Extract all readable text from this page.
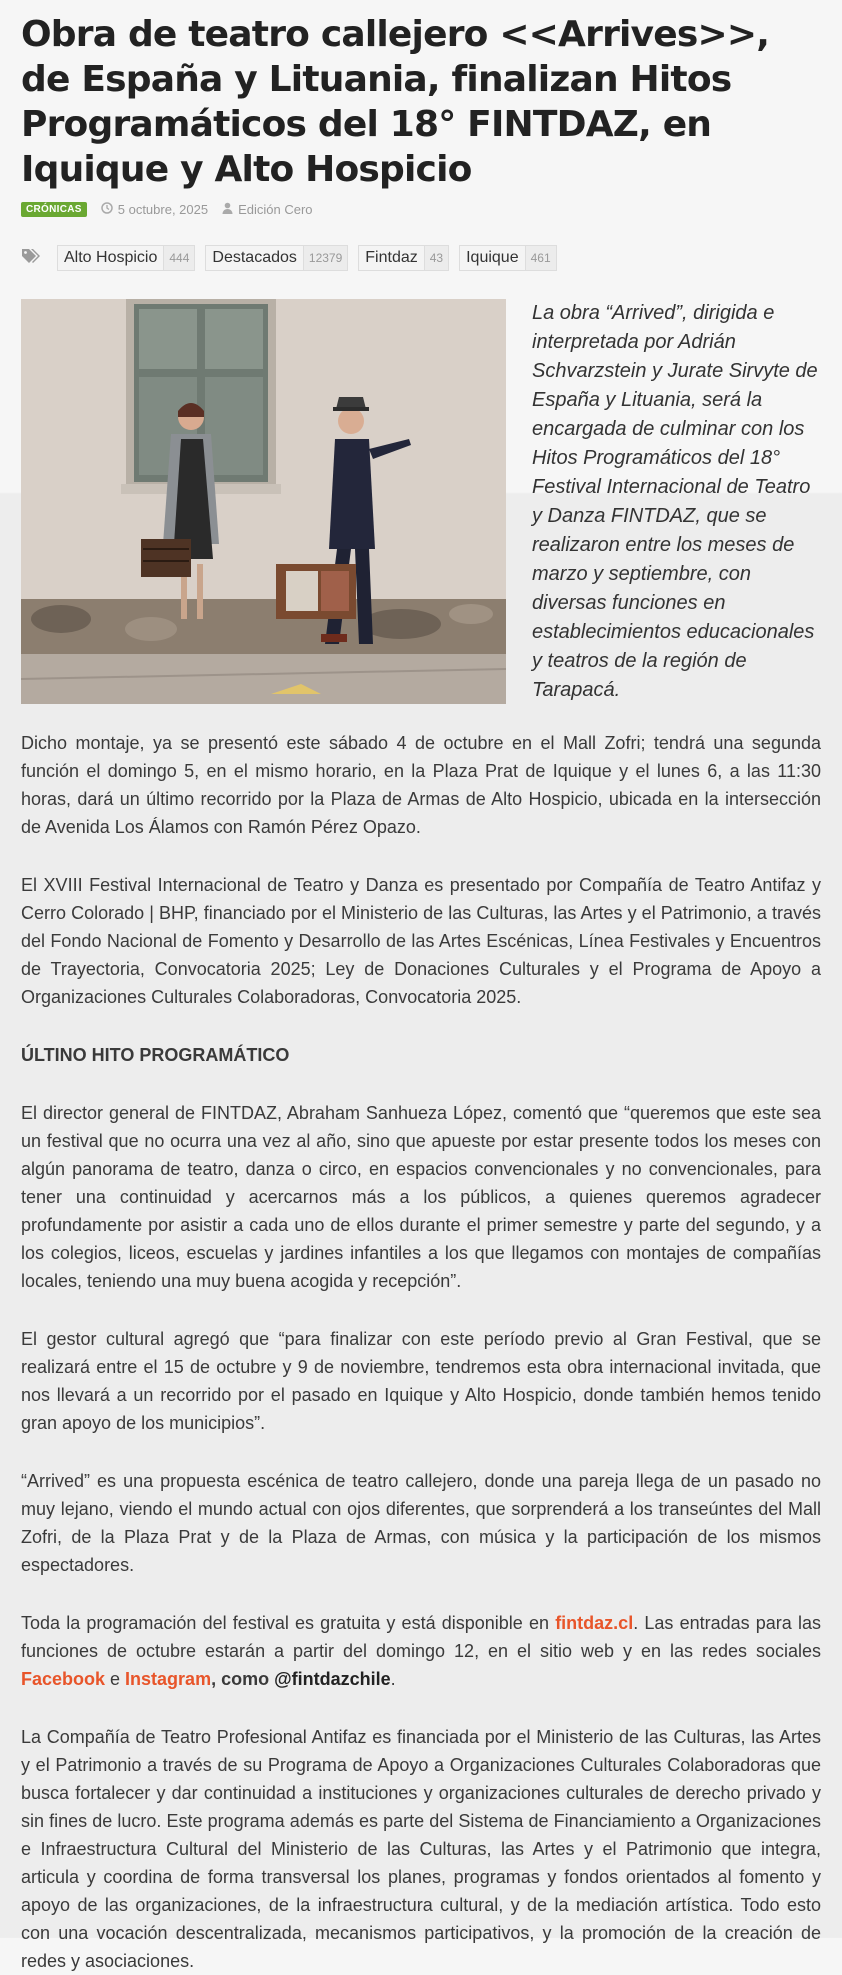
Obra de teatro callejero <<Arrives>>, de España y Lituania, finalizan Hitos Programáticos del 18° FINTDAZ, en Iquique y Alto Hospicio
CRÓNICAS	5 octubre, 2025 Edición Cero
Alto Hospicio	444	Destacados	12379	Fintdaz	43	Iquique	461

La obra “Arrived”, dirigida e interpretada por Adrián Schvarzstein y Jurate Sirvyte de España y Lituania, será la encargada de culminar con los Hitos Programáticos del 18° Festival Internacional de Teatro y Danza FINTDAZ, que se realizaron entre los meses de marzo y septiembre, con diversas funciones en establecimientos educacionales y teatros de la región de Tarapacá.

Dicho montaje, ya se presentó este sábado 4 de octubre en el Mall Zofri; tendrá una segunda función el domingo 5, en el mismo horario, en la Plaza Prat de Iquique y el lunes 6, a las 11:30 horas, dará un último recorrido por la Plaza de Armas de Alto Hospicio, ubicada en la intersección de Avenida Los Álamos con Ramón Pérez Opazo.

El XVIII Festival Internacional de Teatro y Danza es presentado por Compañía de Teatro Antifaz y Cerro Colorado | BHP, financiado por el Ministerio de las Culturas, las Artes y el Patrimonio, a través del Fondo Nacional de Fomento y Desarrollo de las Artes Escénicas, Línea Festivales y Encuentros de Trayectoria, Convocatoria 2025; Ley de Donaciones Culturales y el Programa de Apoyo a Organizaciones Culturales Colaboradoras, Convocatoria 2025.

ÚLTINO HITO PROGRAMÁTICO

El director general de FINTDAZ, Abraham Sanhueza López, comentó que “queremos que este sea un festival que no ocurra una vez al año, sino que apueste por estar presente todos los meses con algún panorama de teatro, danza o circo, en espacios convencionales y no convencionales, para tener una continuidad y acercarnos más a los públicos, a quienes queremos agradecer profundamente por asistir a cada uno de ellos durante el primer semestre y parte del segundo, y a los colegios, liceos, escuelas y jardines infantiles a los que llegamos con montajes de compañías locales, teniendo una muy buena acogida y recepción”.

El gestor cultural agregó que “para finalizar con este período previo al Gran Festival, que se realizará entre el 15 de octubre y 9 de noviembre, tendremos esta obra internacional invitada, que nos llevará a un recorrido por el pasado en Iquique y Alto Hospicio, donde también hemos tenido gran apoyo de los municipios”.

“Arrived” es una propuesta escénica de teatro callejero, donde una pareja llega de un pasado no muy lejano, viendo el mundo actual con ojos diferentes, que sorprenderá a los transeúntes del Mall Zofri, de la Plaza Prat y de la Plaza de Armas, con música y la participación de los mismos espectadores.

Toda la programación del festival es gratuita y está disponible en fintdaz.cl. Las entradas para las funciones de octubre estarán a partir del domingo 12, en el sitio web y en las redes sociales Facebook e Instagram, como @fintdazchile.

La Compañía de Teatro Profesional Antifaz es financiada por el Ministerio de las Culturas, las Artes y el Patrimonio a través de su Programa de Apoyo a Organizaciones Culturales Colaboradoras que busca fortalecer y dar continuidad a instituciones y organizaciones culturales de derecho privado y sin fines de lucro. Este programa además es parte del Sistema de Financiamiento a Organizaciones e Infraestructura Cultural del Ministerio de las Culturas, las Artes y el Patrimonio que integra, articula y coordina de forma transversal los planes, programas y fondos orientados al fomento y apoyo de las organizaciones, de la infraestructura cultural, y de la mediación artística. Todo esto con una vocación descentralizada, mecanismos participativos, y la promoción de la creación de redes y asociaciones.
